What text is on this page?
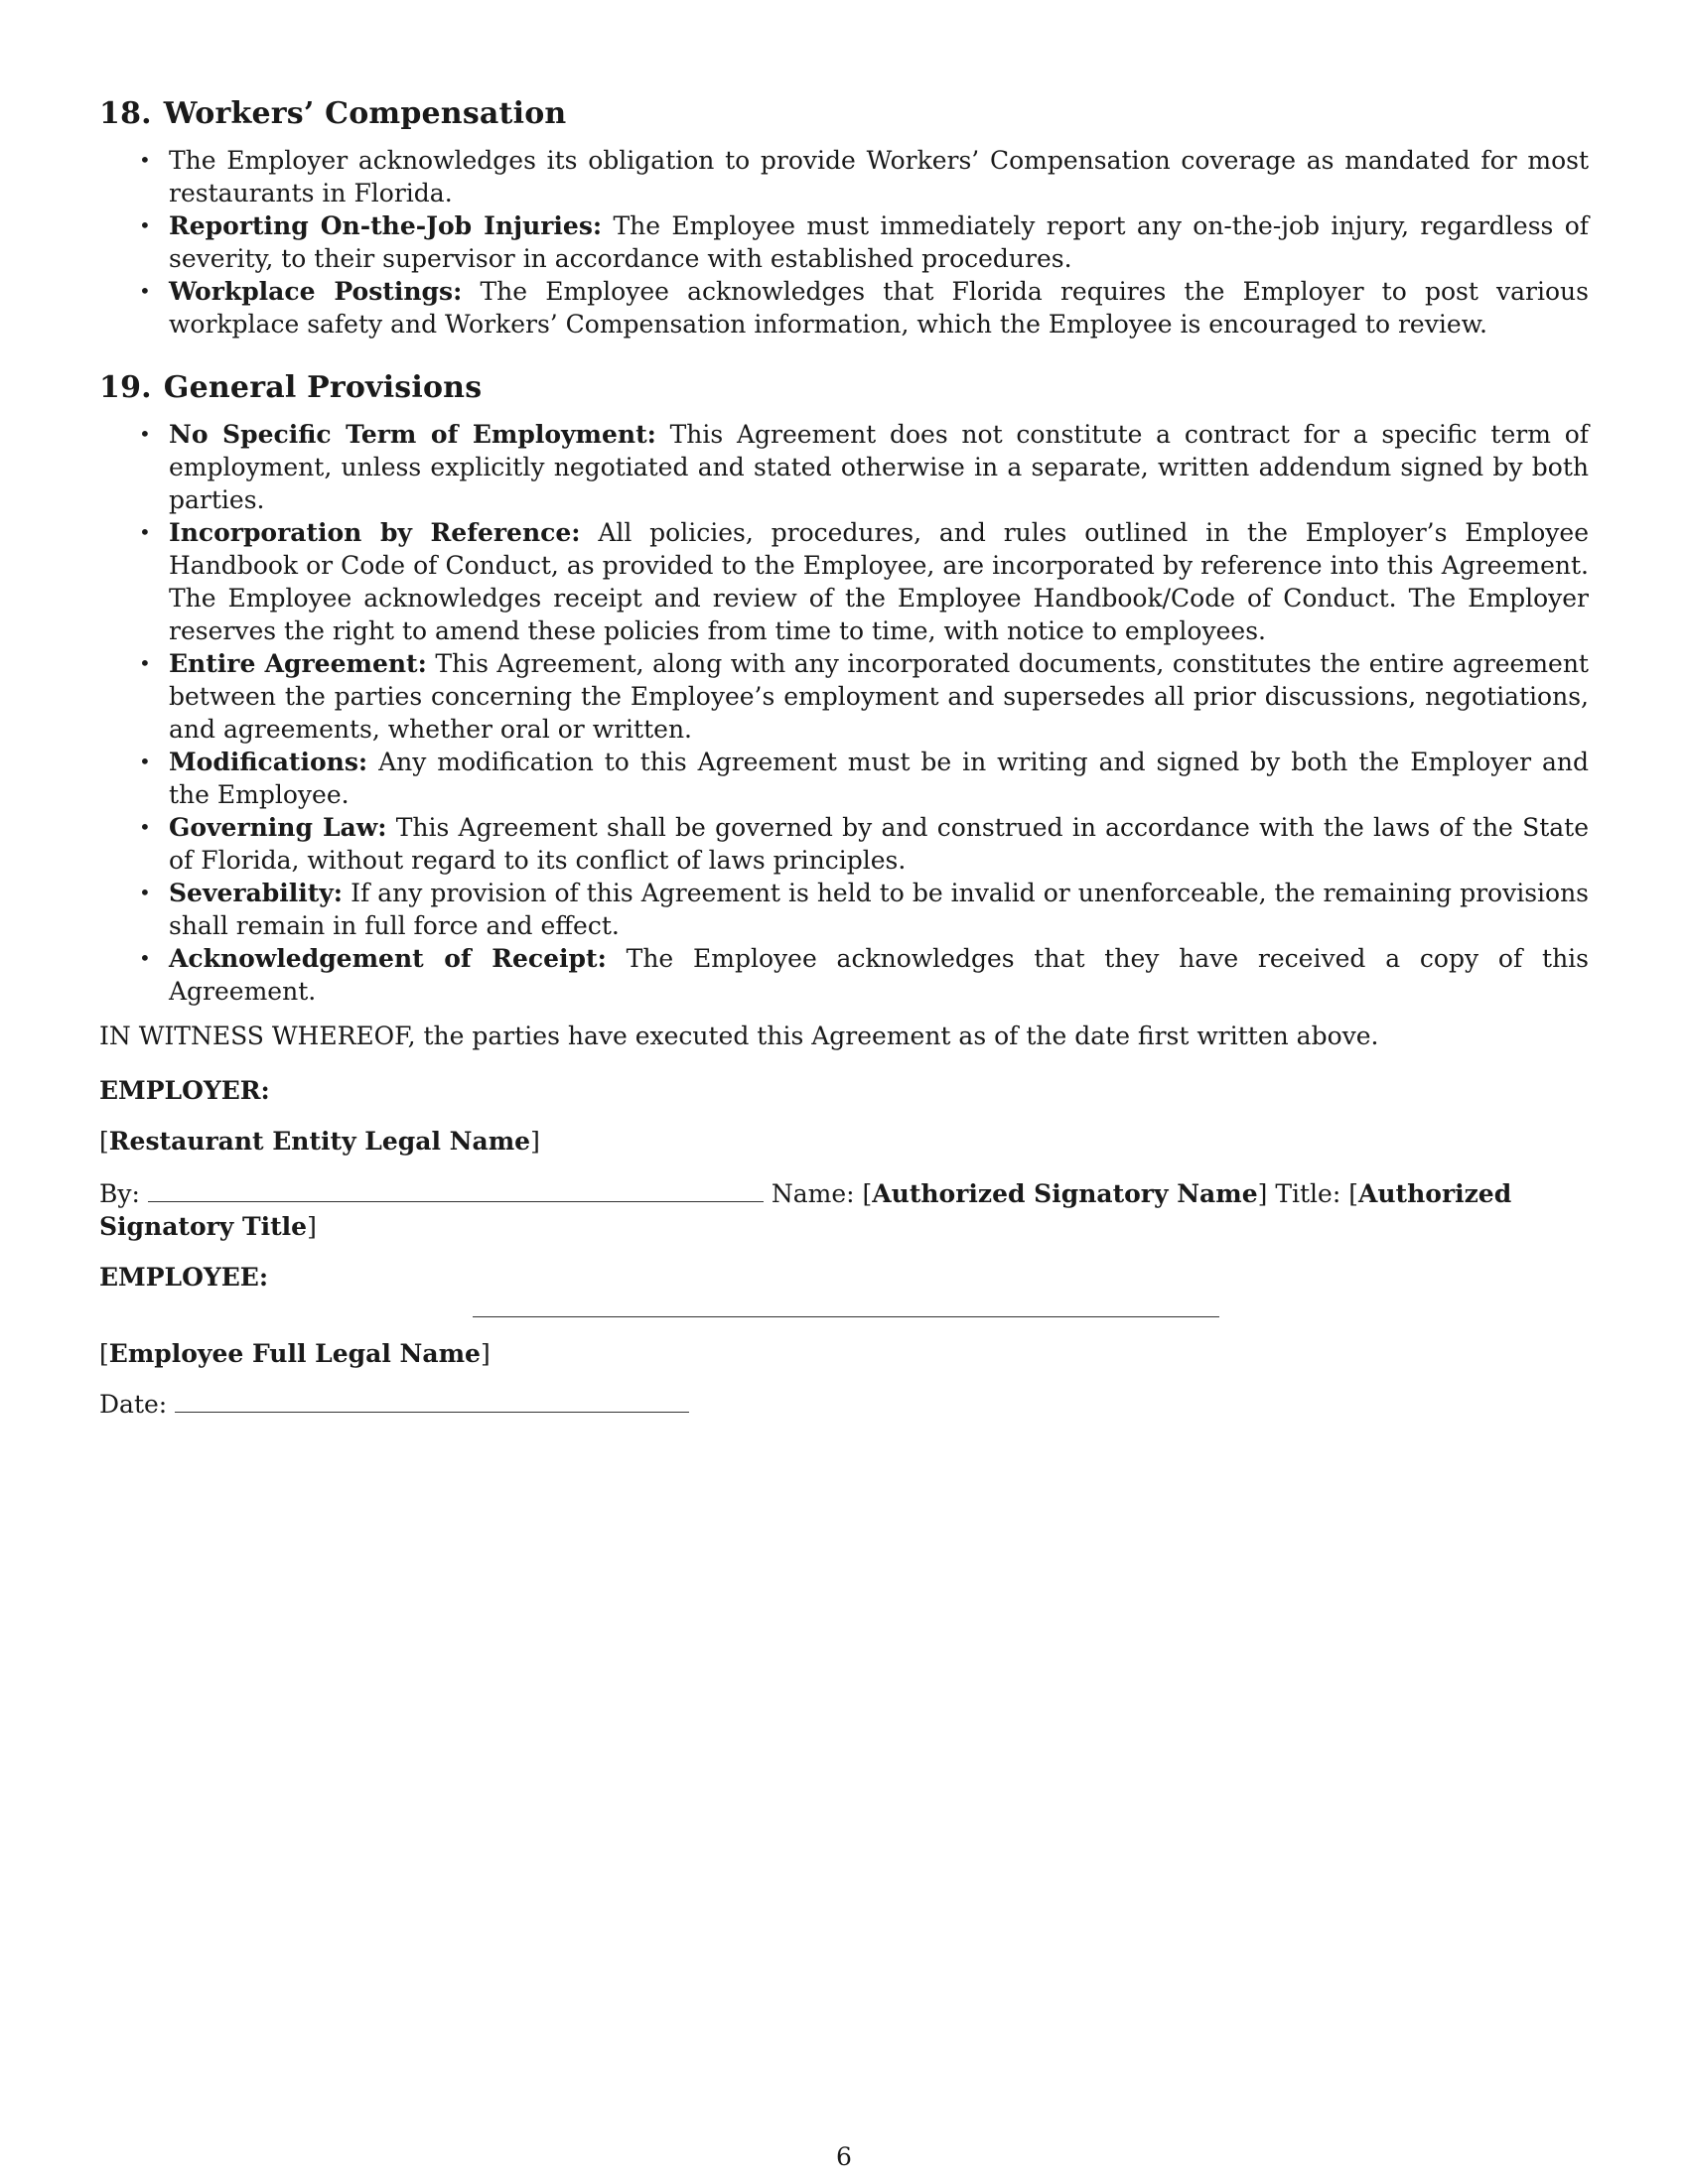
18. Workers’ Compensation
• The Employer acknowledges its obligation to provide Workers’ Compensation coverage as mandated for most restaurants in Florida.
• Reporting On-the-Job Injuries: The Employee must immediately report any on-the-job injury, regardless of severity, to their supervisor in accordance with established procedures.
• Workplace Postings: The Employee acknowledges that Florida requires the Employer to post various workplace safety and Workers’ Compensation information, which the Employee is encouraged to review.
19. General Provisions
• No Specific Term of Employment: This Agreement does not constitute a contract for a specific term of employment, unless explicitly negotiated and stated otherwise in a separate, written addendum signed by both parties.
• Incorporation by Reference: All policies, procedures, and rules outlined in the Employer’s Employee Handbook or Code of Conduct, as provided to the Employee, are incorporated by reference into this Agreement. The Employee acknowledges receipt and review of the Employee Handbook/Code of Conduct. The Employer reserves the right to amend these policies from time to time, with notice to employees.
• Entire Agreement: This Agreement, along with any incorporated documents, constitutes the entire agreement between the parties concerning the Employee’s employment and supersedes all prior discussions, negotiations, and agreements, whether oral or written.
• Modifications: Any modification to this Agreement must be in writing and signed by both the Employer and the Employee.
• Governing Law: This Agreement shall be governed by and construed in accordance with the laws of the State of Florida, without regard to its conflict of laws principles.
• Severability: If any provision of this Agreement is held to be invalid or unenforceable, the remaining provisions shall remain in full force and effect.
• Acknowledgement of Receipt: The Employee acknowledges that they have received a copy of this Agreement.

IN WITNESS WHEREOF, the parties have executed this Agreement as of the date first written above.

EMPLOYER:
[Restaurant Entity Legal Name]
By:	Name: [Authorized Signatory Name] Title: [Authorized Signatory Title]
EMPLOYEE:
[Employee Full Legal Name]
Date:
6
